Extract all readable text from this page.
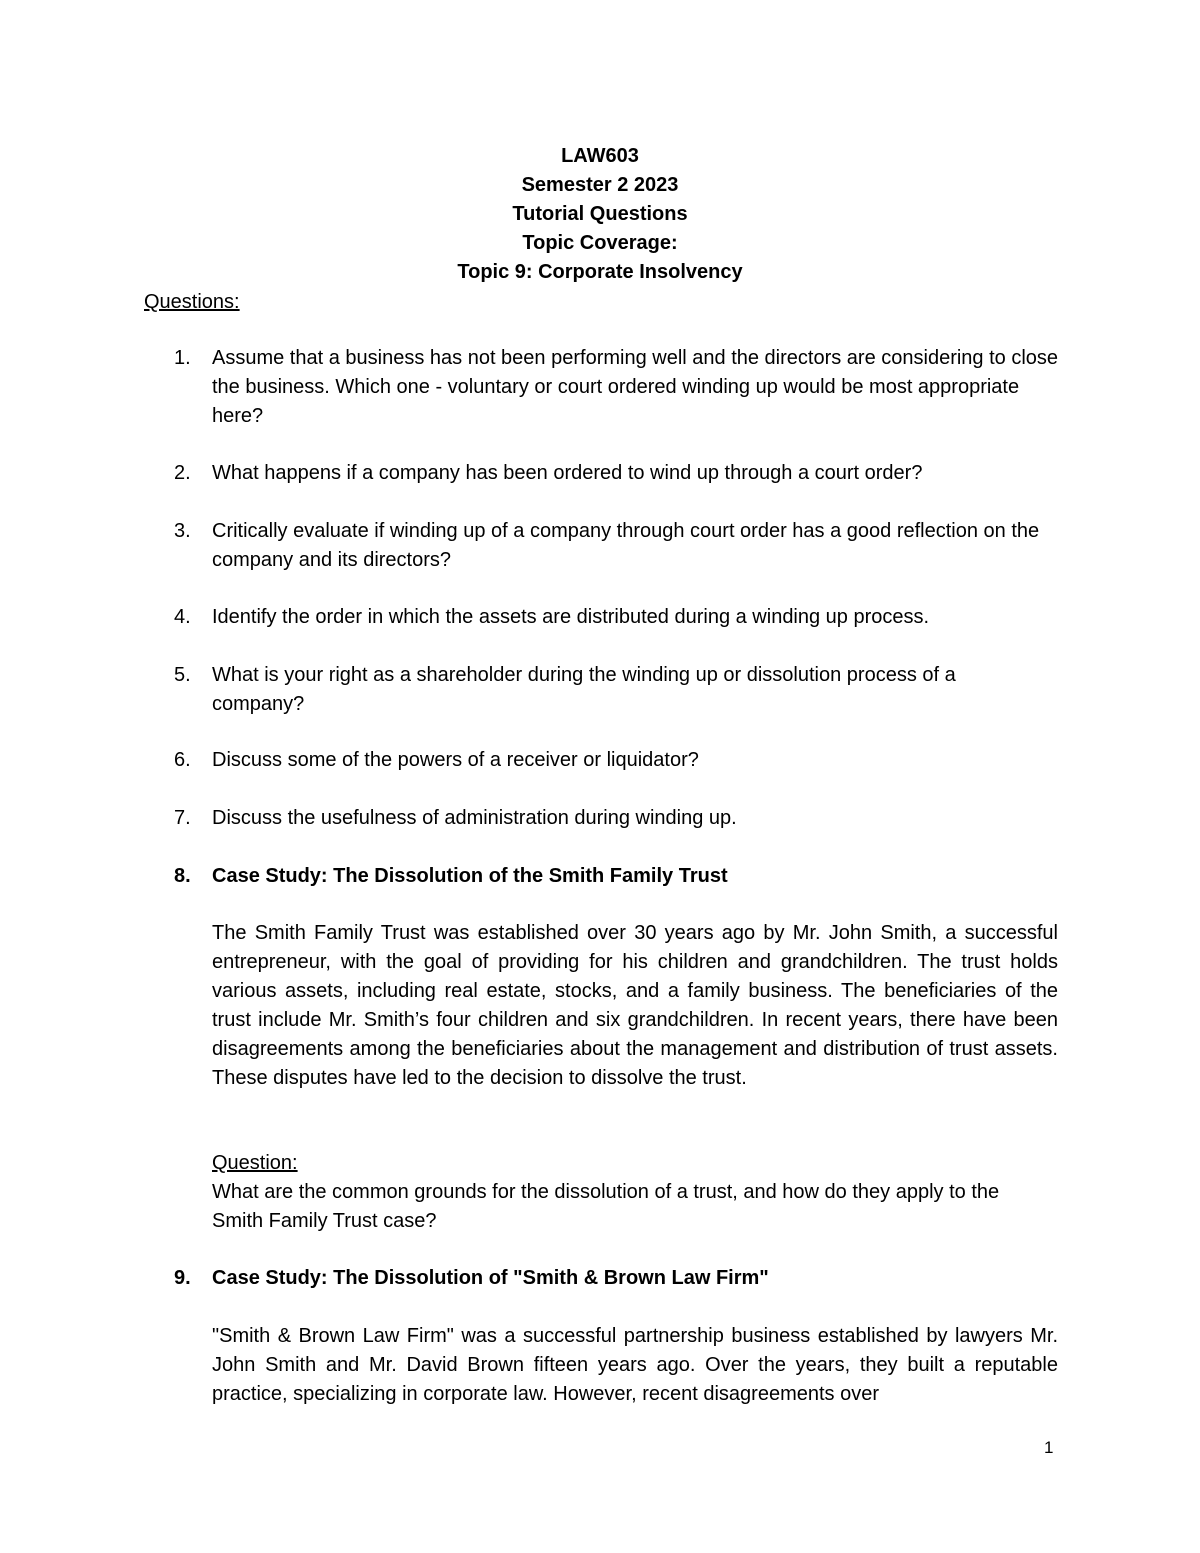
LAW603
Semester 2 2023
Tutorial Questions
Topic Coverage:
Topic 9: Corporate Insolvency
Questions:
1.	Assume that a business has not been performing well and the directors are considering to close the business. Which one - voluntary or court ordered winding up would be most appropriate here?
2.	What happens if a company has been ordered to wind up through a court order?
3.	Critically evaluate if winding up of a company through court order has a good reflection on the company and its directors?
4.	Identify the order in which the assets are distributed during a winding up process.
5.	What is your right as a shareholder during the winding up or dissolution process of a company?
6.	Discuss some of the powers of a receiver or liquidator?
7.	Discuss the usefulness of administration during winding up.
8.	Case Study: The Dissolution of the Smith Family Trust
The Smith Family Trust was established over 30 years ago by Mr. John Smith, a successful entrepreneur, with the goal of providing for his children and grandchildren. The trust holds various assets, including real estate, stocks, and a family business. The beneficiaries of the trust include Mr. Smith’s four children and six grandchildren. In recent years, there have been disagreements among the beneficiaries about the management and distribution of trust assets. These disputes have led to the decision to dissolve the trust.
Question:
What are the common grounds for the dissolution of a trust, and how do they apply to the Smith Family Trust case?
9.	Case Study: The Dissolution of "Smith & Brown Law Firm"
"Smith & Brown Law Firm" was a successful partnership business established by lawyers Mr. John Smith and Mr. David Brown fifteen years ago. Over the years, they built a reputable practice, specializing in corporate law. However, recent disagreements over
1
